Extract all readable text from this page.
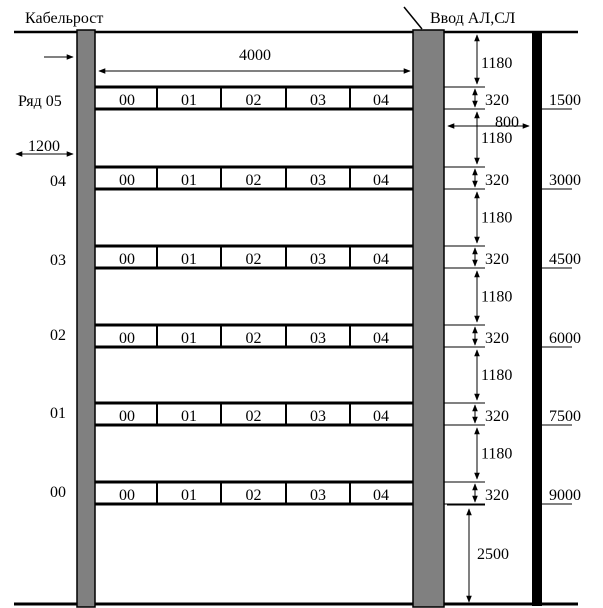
Кабельрост	Ввод АЛ,СЛ
4000
1200
800
2500
00	01	02	03	04
Ряд 05
1180
320	1500
00	01	02	03	04
04
1180
320	3000
00	01	02	03	04
03
1180
320	4500
00	01	02	03	04
02
1180
320	6000
00	01	02	03	04
01
1180
320	7500
00	01	02	03	04
00
1180
320	9000
